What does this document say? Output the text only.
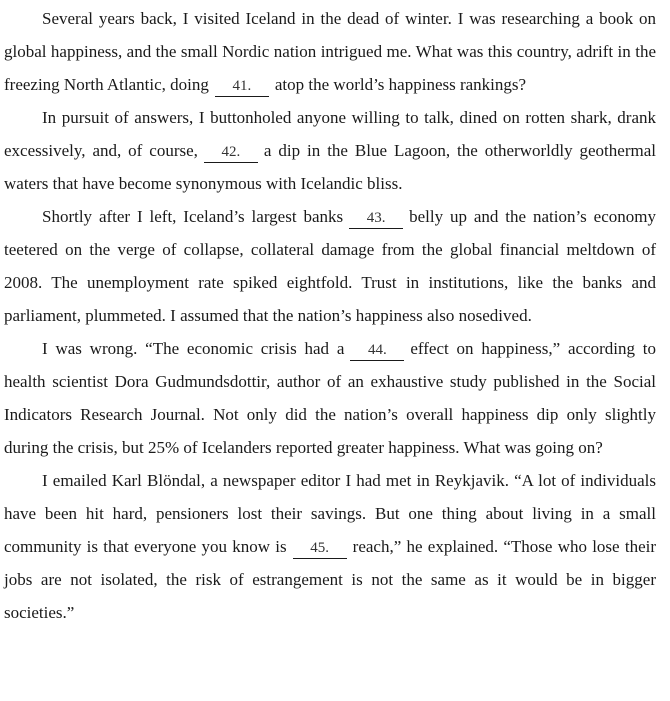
Several years back, I visited Iceland in the dead of winter. I was researching a book on global happiness, and the small Nordic nation intrigued me. What was this country, adrift in the freezing North Atlantic, doing 41. atop the world’s happiness rankings?

In pursuit of answers, I buttonholed anyone willing to talk, dined on rotten shark, drank excessively, and, of course, 42. a dip in the Blue Lagoon, the otherworldly geothermal waters that have become synonymous with Icelandic bliss.

Shortly after I left, Iceland’s largest banks 43. belly up and the nation’s economy teetered on the verge of collapse, collateral damage from the global financial meltdown of 2008. The unemployment rate spiked eightfold. Trust in institutions, like the banks and parliament, plummeted. I assumed that the nation’s happiness also nosedived.

I was wrong. “The economic crisis had a 44. effect on happiness,” according to health scientist Dora Gudmundsdottir, author of an exhaustive study published in the Social Indicators Research Journal. Not only did the nation’s overall happiness dip only slightly during the crisis, but 25% of Icelanders reported greater happiness. What was going on?

I emailed Karl Blöndal, a newspaper editor I had met in Reykjavik. “A lot of individuals have been hit hard, pensioners lost their savings. But one thing about living in a small community is that everyone you know is 45. reach,” he explained. “Those who lose their jobs are not isolated, the risk of estrangement is not the same as it would be in bigger societies.”
